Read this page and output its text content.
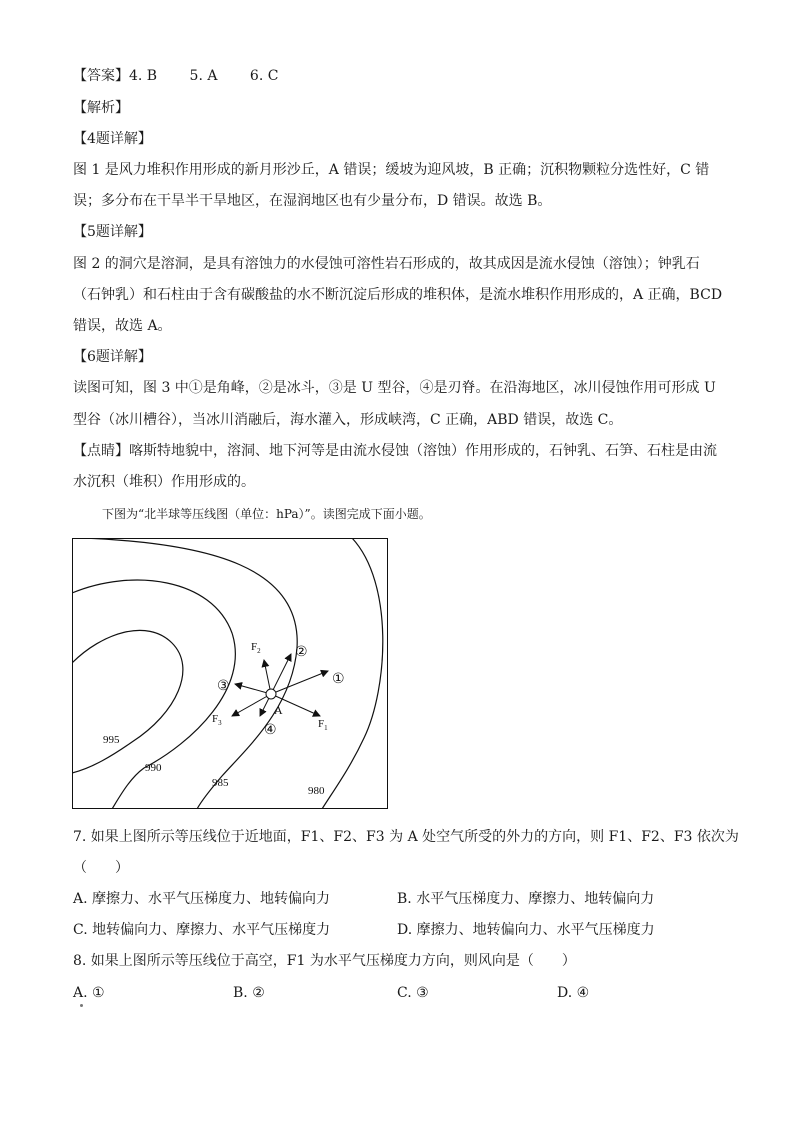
【答案】4. B　　 5. A　　 6. C
【解析】
【4题详解】
图 1 是风力堆积作用形成的新月形沙丘，A 错误；缓坡为迎风坡，B 正确；沉积物颗粒分选性好，C 错
误；多分布在干旱半干旱地区，在湿润地区也有少量分布，D 错误。故选 B。
【5题详解】
图 2 的洞穴是溶洞，是具有溶蚀力的水侵蚀可溶性岩石形成的，故其成因是流水侵蚀（溶蚀）；钟乳石
（石钟乳）和石柱由于含有碳酸盐的水不断沉淀后形成的堆积体，是流水堆积作用形成的，A 正确，BCD
错误，故选 A。
【6题详解】
读图可知，图 3 中①是角峰，②是冰斗，③是 U 型谷，④是刃脊。在沿海地区，冰川侵蚀作用可形成 U
型谷（冰川槽谷），当冰川消融后，海水灌入，形成峡湾，C 正确，ABD 错误，故选 C。
【点睛】喀斯特地貌中，溶洞、地下河等是由流水侵蚀（溶蚀）作用形成的，石钟乳、石笋、石柱是由流
水沉积（堆积）作用形成的。
下图为“北半球等压线图（单位：hPa）”。读图完成下面小题。
995
990
985
980
A
$F_2$
$F_3$	$F_1$
①
②
③
④
7. 如果上图所示等压线位于近地面，F1、F2、F3 为 A 处空气所受的外力的方向，则 F1、F2、F3 依次为
（　　）
A. 摩擦力、水平气压梯度力、地转偏向力	B. 水平气压梯度力、摩擦力、地转偏向力
C. 地转偏向力、摩擦力、水平气压梯度力	D. 摩擦力、地转偏向力、水平气压梯度力
8. 如果上图所示等压线位于高空，F1 为水平气压梯度力方向，则风向是（　　）
A. ①	B. ②	C. ③	D. ④
